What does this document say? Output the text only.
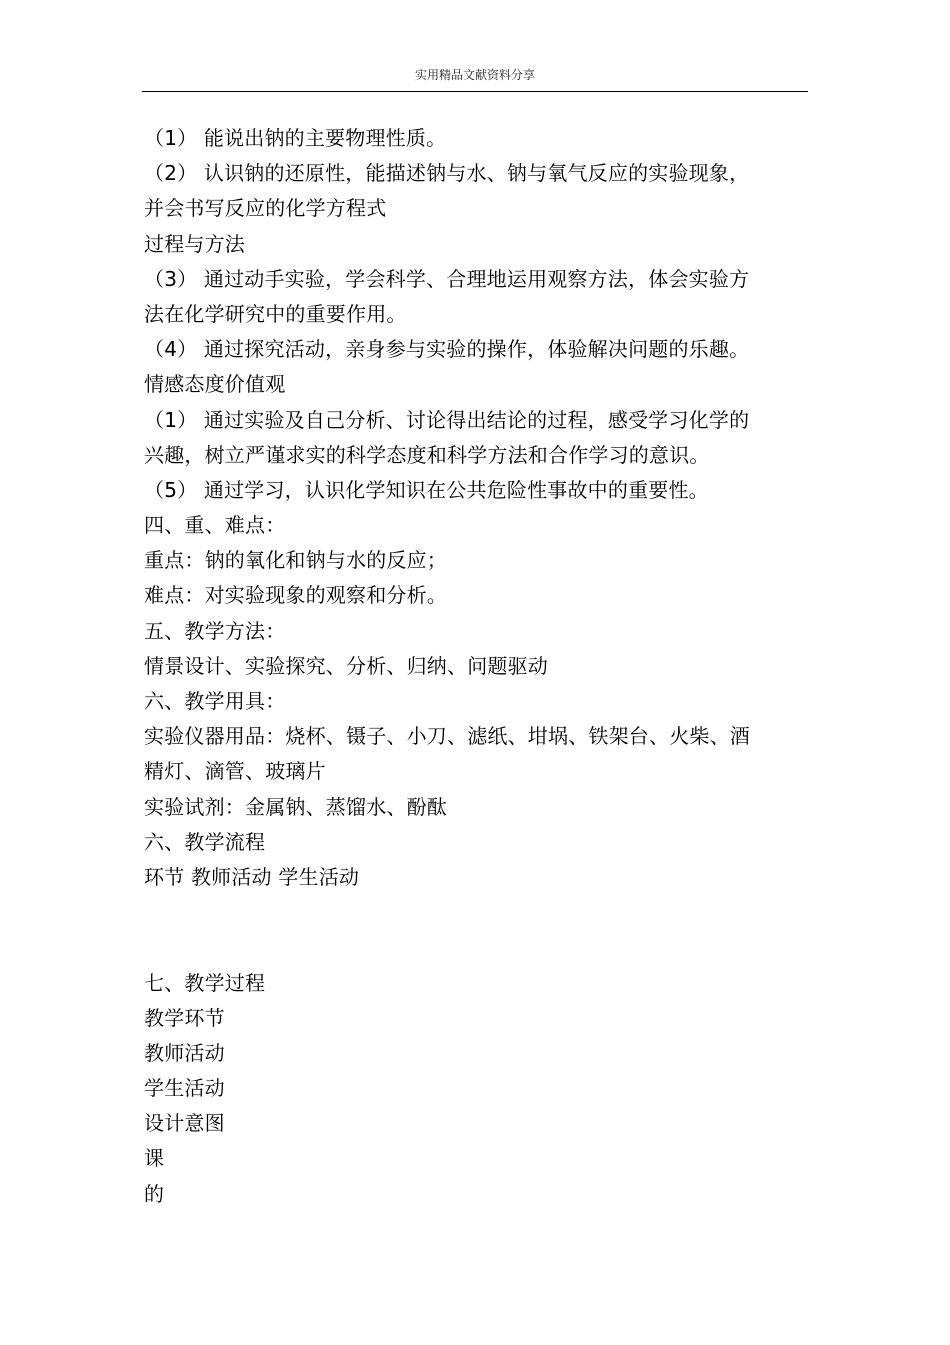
实用精品文献资料分享
（1） 能说出钠的主要物理性质。
（2） 认识钠的还原性，能描述钠与水、钠与氧气反应的实验现象，
并会书写反应的化学方程式
过程与方法
（3） 通过动手实验，学会科学、合理地运用观察方法，体会实验方
法在化学研究中的重要作用。
（4） 通过探究活动，亲身参与实验的操作，体验解决问题的乐趣。
情感态度价值观
（1） 通过实验及自己分析、讨论得出结论的过程，感受学习化学的
兴趣，树立严谨求实的科学态度和科学方法和合作学习的意识。
（5） 通过学习，认识化学知识在公共危险性事故中的重要性。
四、重、难点：
重点：钠的氧化和钠与水的反应；
难点：对实验现象的观察和分析。
五、教学方法：
情景设计、实验探究、分析、归纳、问题驱动
六、教学用具：
实验仪器用品：烧杯、镊子、小刀、滤纸、坩埚、铁架台、火柴、酒
精灯、滴管、玻璃片
实验试剂：金属钠、蒸馏水、酚酞
六、教学流程
环节 教师活动 学生活动
七、教学过程
教学环节
教师活动
学生活动
设计意图
课
的
